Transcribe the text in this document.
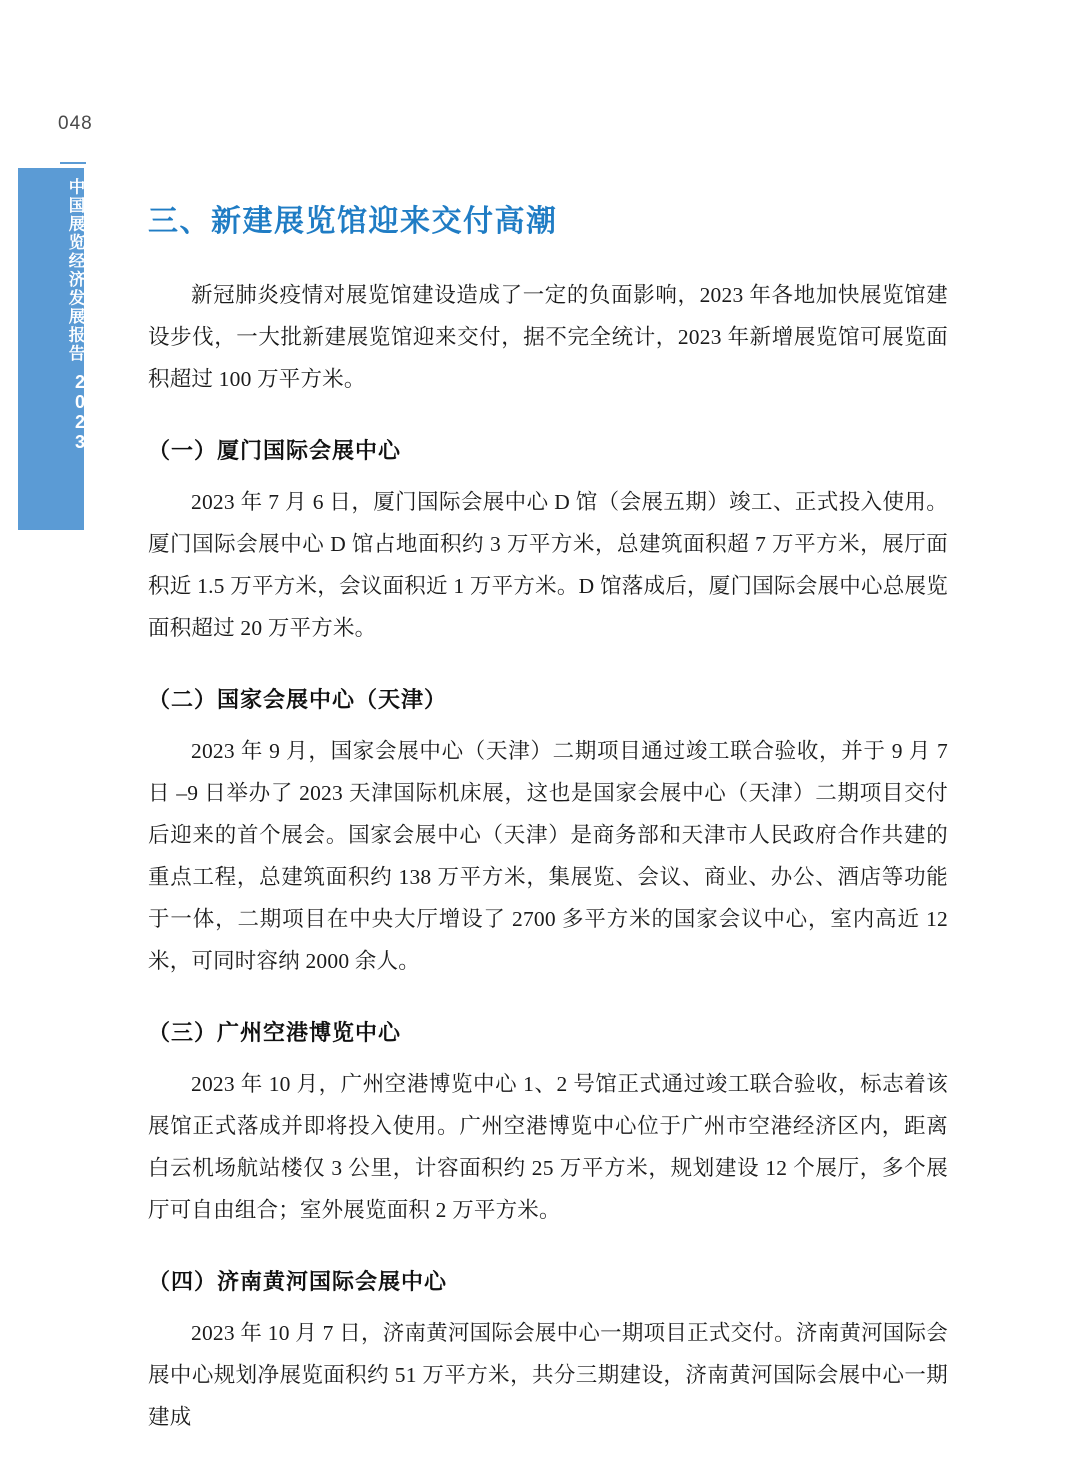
048
中国展览经济发展报告
2023
三、新建展览馆迎来交付高潮

新冠肺炎疫情对展览馆建设造成了一定的负面影响，2023 年各地加快展览馆建设步伐，一大批新建展览馆迎来交付，据不完全统计，2023 年新增展览馆可展览面积超过 100 万平方米。

（一）厦门国际会展中心

2023 年 7 月 6 日，厦门国际会展中心 D 馆（会展五期）竣工、正式投入使用。厦门国际会展中心 D 馆占地面积约 3 万平方米，总建筑面积超 7 万平方米，展厅面积近 1.5 万平方米，会议面积近 1 万平方米。D 馆落成后，厦门国际会展中心总展览面积超过 20 万平方米。

（二）国家会展中心（天津）

2023 年 9 月，国家会展中心（天津）二期项目通过竣工联合验收，并于 9 月 7 日 –9 日举办了 2023 天津国际机床展，这也是国家会展中心（天津）二期项目交付后迎来的首个展会。国家会展中心（天津）是商务部和天津市人民政府合作共建的重点工程，总建筑面积约 138 万平方米，集展览、会议、商业、办公、酒店等功能于一体，二期项目在中央大厅增设了 2700 多平方米的国家会议中心，室内高近 12 米，可同时容纳 2000 余人。

（三）广州空港博览中心

2023 年 10 月，广州空港博览中心 1、2 号馆正式通过竣工联合验收，标志着该展馆正式落成并即将投入使用。广州空港博览中心位于广州市空港经济区内，距离白云机场航站楼仅 3 公里，计容面积约 25 万平方米，规划建设 12 个展厅，多个展厅可自由组合；室外展览面积 2 万平方米。

（四）济南黄河国际会展中心

2023 年 10 月 7 日，济南黄河国际会展中心一期项目正式交付。济南黄河国际会展中心规划净展览面积约 51 万平方米，共分三期建设，济南黄河国际会展中心一期建成
